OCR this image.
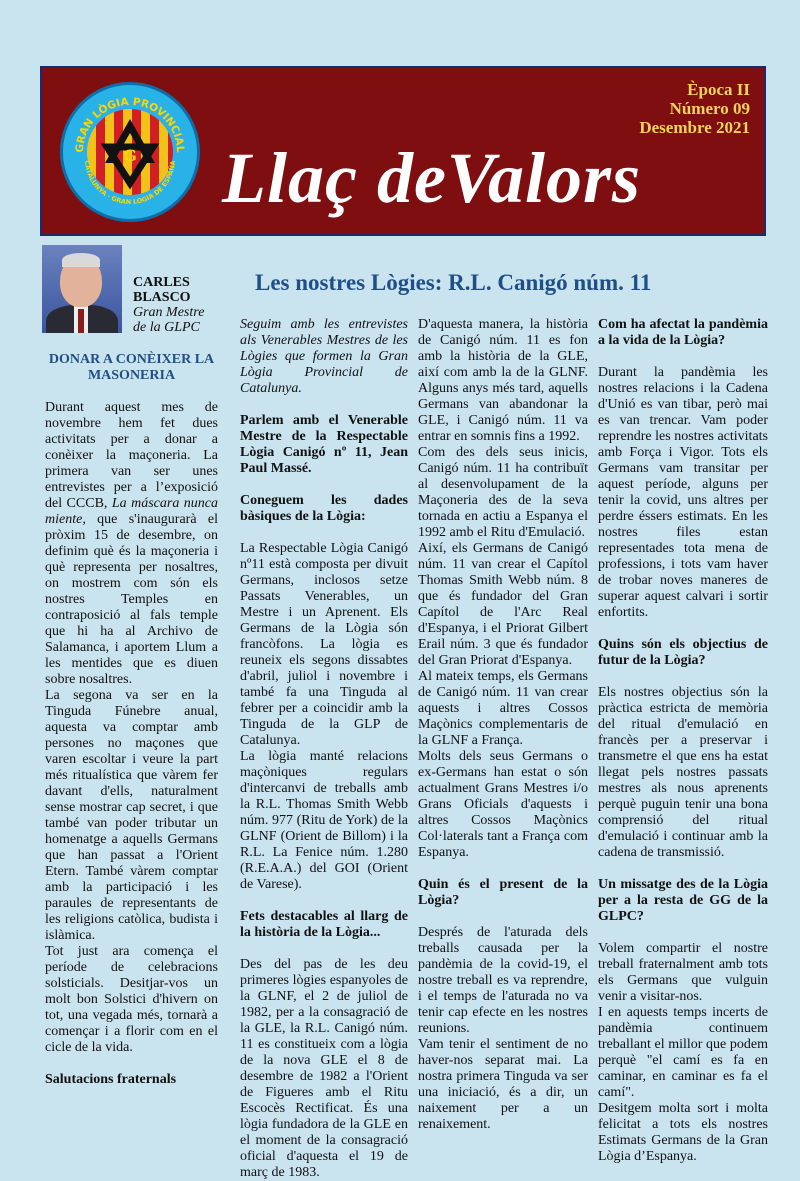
GRAN LÒGIA PROVINCIAL
CATALUNYA · GRAN LOGIA DE ESPAÑA
G
Època II
Número 09
Desembre 2021
Llaç deValors
CARLES
BLASCO
Gran Mestre
de la GLPC
Les nostres Lògies: R.L. Canigó núm. 11

DONAR A CONÈIXER LA MASONERIA

Durant aquest mes de novembre hem fet dues activitats per a donar a conèixer la maçoneria. La primera van ser unes entrevistes per a l’exposició del CCCB, La máscara nunca miente, que s'inaugurarà el pròxim 15 de desembre, on definim què és la maçoneria i què representa per nosaltres, on mostrem com són els nostres Temples en contraposició al fals temple que hi ha al Archivo de Salamanca, i aportem Llum a les mentides que es diuen sobre nosaltres.

La segona va ser en la Tinguda Fúnebre anual, aquesta va comptar amb persones no maçones que varen escoltar i veure la part més ritualística que vàrem fer davant d'ells, naturalment sense mostrar cap secret, i que també van poder tributar un homenatge a aquells Germans que han passat a l'Orient Etern. També vàrem comptar amb la participació i les paraules de representants de les religions catòlica, budista i islàmica.

Tot just ara comença el període de celebracions solsticials. Desitjar-vos un molt bon Solstici d'hivern on tot, una vegada més, tornarà a començar i a florir com en el cicle de la vida.

Salutacions fraternals

Seguim amb les entrevistes als Venerables Mestres de les Lògies que formen la Gran Lògia Provincial de Catalunya.

Parlem amb el Venerable Mestre de la Respectable Lògia Canigó nº 11, Jean Paul Massé.

Coneguem les dades bàsiques de la Lògia:

La Respectable Lògia Canigó nº11 està composta per divuit Germans, inclosos setze Passats Venerables, un Mestre i un Aprenent. Els Germans de la Lògia són francòfons. La lògia es reuneix els segons dissabtes d'abril, juliol i novembre i també fa una Tinguda al febrer per a coincidir amb la Tinguda de la GLP de Catalunya.

La lògia manté relacions maçòniques regulars d'intercanvi de treballs amb la R.L. Thomas Smith Webb núm. 977 (Ritu de York) de la GLNF (Orient de Billom) i la R.L. La Fenice núm. 1.280 (R.E.A.A.) del GOI (Orient de Varese).

Fets destacables al llarg de la història de la Lògia...

Des del pas de les deu primeres lògies espanyoles de la GLNF, el 2 de juliol de 1982, per a la consagració de la GLE, la R.L. Canigó núm. 11 es constitueix com a lògia de la nova GLE el 8 de desembre de 1982 a l'Orient de Figueres amb el Ritu Escocès Rectificat. És una lògia fundadora de la GLE en el moment de la consagració oficial d'aquesta el 19 de març de 1983.

D'aquesta manera, la història de Canigó núm. 11 es fon amb la història de la GLE, així com amb la de la GLNF. Alguns anys més tard, aquells Germans van abandonar la GLE, i Canigó núm. 11 va entrar en somnis fins a 1992.

Com des dels seus inicis, Canigó núm. 11 ha contribuït al desenvolupament de la Maçoneria des de la seva tornada en actiu a Espanya el 1992 amb el Ritu d'Emulació.

Així, els Germans de Canigó núm. 11 van crear el Capítol Thomas Smith Webb núm. 8 que és fundador del Gran Capítol de l'Arc Real d'Espanya, i el Priorat Gilbert Erail núm. 3 que és fundador del Gran Priorat d'Espanya.

Al mateix temps, els Germans de Canigó núm. 11 van crear aquests i altres Cossos Maçònics complementaris de la GLNF a França.

Molts dels seus Germans o ex-Germans han estat o són actualment Grans Mestres i/o Grans Oficials d'aquests i altres Cossos Maçònics Col·laterals tant a França com Espanya.

Quin és el present de la Lògia?

Després de l'aturada dels treballs causada per la pandèmia de la covid-19, el nostre treball es va reprendre, i el temps de l'aturada no va tenir cap efecte en les nostres reunions.

Vam tenir el sentiment de no haver-nos separat mai. La nostra primera Tinguda va ser una iniciació, és a dir, un naixement per a un renaixement.

Com ha afectat la pandèmia a la vida de la Lògia?

Durant la pandèmia les nostres relacions i la Cadena d'Unió es van tibar, però mai es van trencar. Vam poder reprendre les nostres activitats amb Força i Vigor. Tots els Germans vam transitar per aquest període, alguns per tenir la covid, uns altres per perdre éssers estimats. En les nostres files estan representades tota mena de professions, i tots vam haver de trobar noves maneres de superar aquest calvari i sortir enfortits.

Quins són els objectius de futur de la Lògia?

Els nostres objectius són la pràctica estricta de memòria del ritual d'emulació en francès per a preservar i transmetre el que ens ha estat llegat pels nostres passats mestres als nous aprenents perquè puguin tenir una bona comprensió del ritual d'emulació i continuar amb la cadena de transmissió.

Un missatge des de la Lògia per a la resta de GG de la GLPC?

Volem compartir el nostre treball fraternalment amb tots els Germans que vulguin venir a visitar-nos.

I en aquests temps incerts de pandèmia continuem treballant el millor que podem perquè "el camí es fa en caminar, en caminar es fa el camí".

Desitgem molta sort i molta felicitat a tots els nostres Estimats Germans de la Gran Lògia d’Espanya.
